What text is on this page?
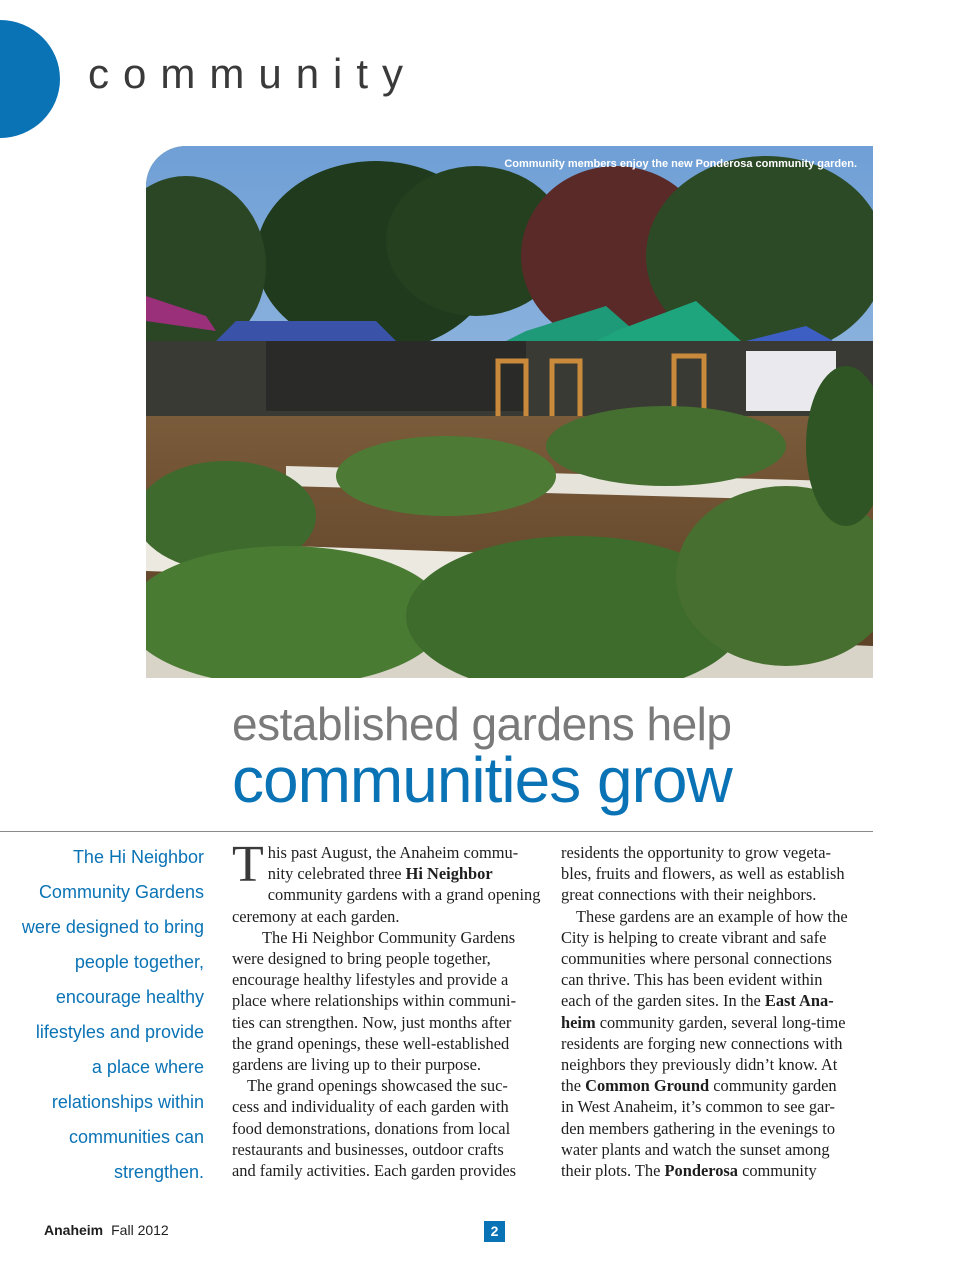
community
Community members enjoy the new Ponderosa community garden.
established gardens help
communities grow
The Hi Neighbor
Community Gardens
were designed to bring
people together,
encourage healthy
lifestyles and provide
a place where
relationships within
communities can
strengthen.

T his past August, the Anaheim commu-
nity celebrated three Hi Neighbor
community gardens with a grand opening
ceremony at each garden.

The Hi Neighbor Community Gardens
were designed to bring people together,
encourage healthy lifestyles and provide a
place where relationships within communi-
ties can strengthen. Now, just months after
the grand openings, these well-established
gardens are living up to their purpose.

The grand openings showcased the suc-
cess and individuality of each garden with
food demonstrations, donations from local
restaurants and businesses, outdoor crafts
and family activities. Each garden provides

residents the opportunity to grow vegeta-
bles, fruits and flowers, as well as establish
great connections with their neighbors.

These gardens are an example of how the
City is helping to create vibrant and safe
communities where personal connections
can thrive. This has been evident within
each of the garden sites. In the East Ana-
heim community garden, several long-time
residents are forging new connections with
neighbors they previously didn’t know. At
the Common Ground community garden
in West Anaheim, it’s common to see gar-
den members gathering in the evenings to
water plants and watch the sunset among
their plots. The Ponderosa community

Anaheim Fall 2012	2
